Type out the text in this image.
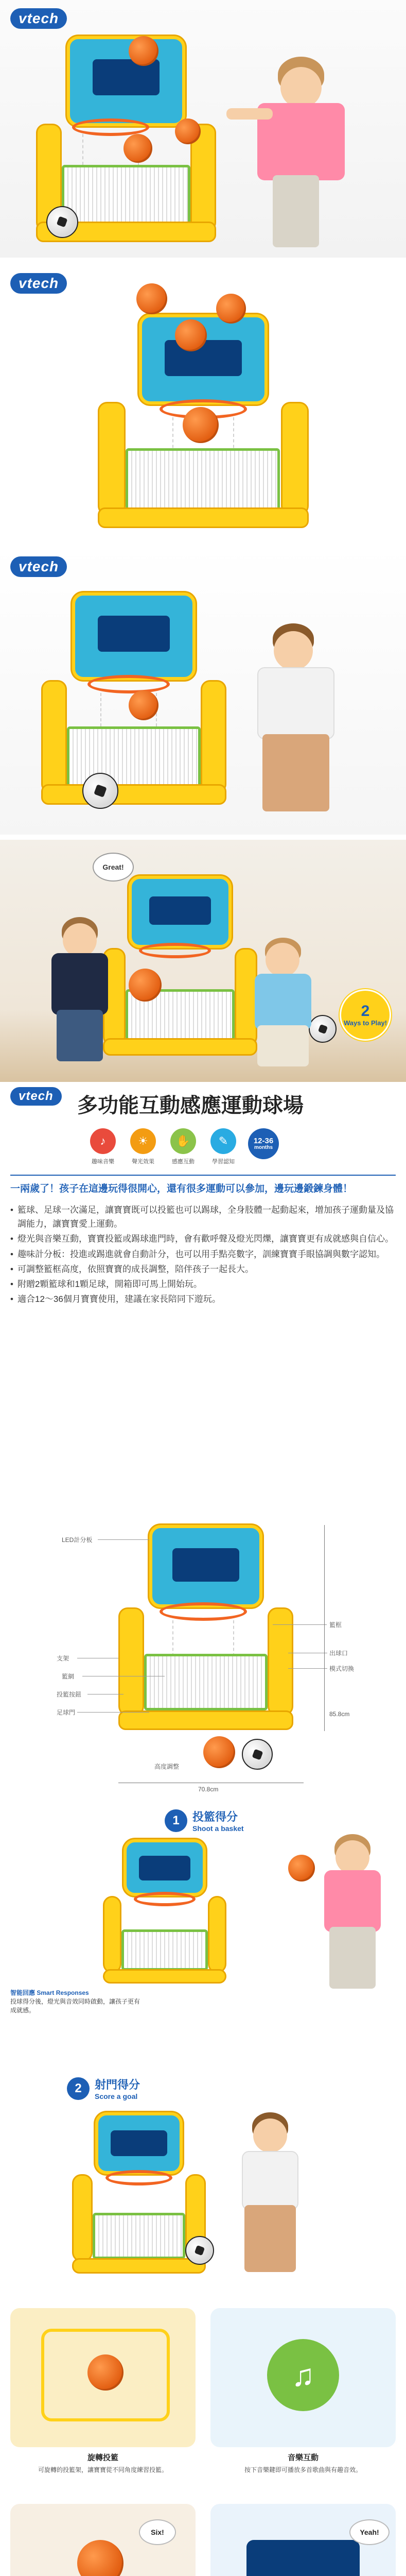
vtech
vtech
vtech
Great!
2
Ways to Play!
vtech	多功能互動感應運動球場
♪
趣味音樂
☀
聲光效果
✋
感應互動
✎
學習認知
12-36
months
一兩歲了！孩子在這邊玩得很開心，還有很多運動可以參加，邊玩邊鍛鍊身體！
• 籃球、足球一次滿足，讓寶寶既可以投籃也可以踢球，全身肢體一起動起來，增加孩子運動量及協調能力，讓寶寶愛上運動。
• 燈光與音樂互動，寶寶投籃或踢球進門時，會有歡呼聲及燈光閃爍，讓寶寶更有成就感與自信心。
• 趣味計分板：投進或踢進就會自動計分，也可以用手點亮數字，訓練寶寶手眼協調與數字認知。
• 可調整籃框高度，依照寶寶的成長調整，陪伴孩子一起長大。
• 附贈2顆籃球和1顆足球，開箱即可馬上開始玩。
• 適合12～36個月寶寶使用，建議在家長陪同下遊玩。
LED計分板
籃框
支架
籃網
投籃按鈕
出球口
模式切換
足球門
高度調整
85.8cm
70.8cm
1	投籃得分
Shoot a basket
智能回應 Smart Responses
投球得分後，燈光與音效同時啟動，讓孩子更有成就感。
2	射門得分
Score a goal
旋轉投籃
可旋轉的投籃架，讓寶寶從不同角度練習投籃。
♫
音樂互動
按下音樂鍵即可播放多首歌曲與有趣音效。
Six!	Yeah!
